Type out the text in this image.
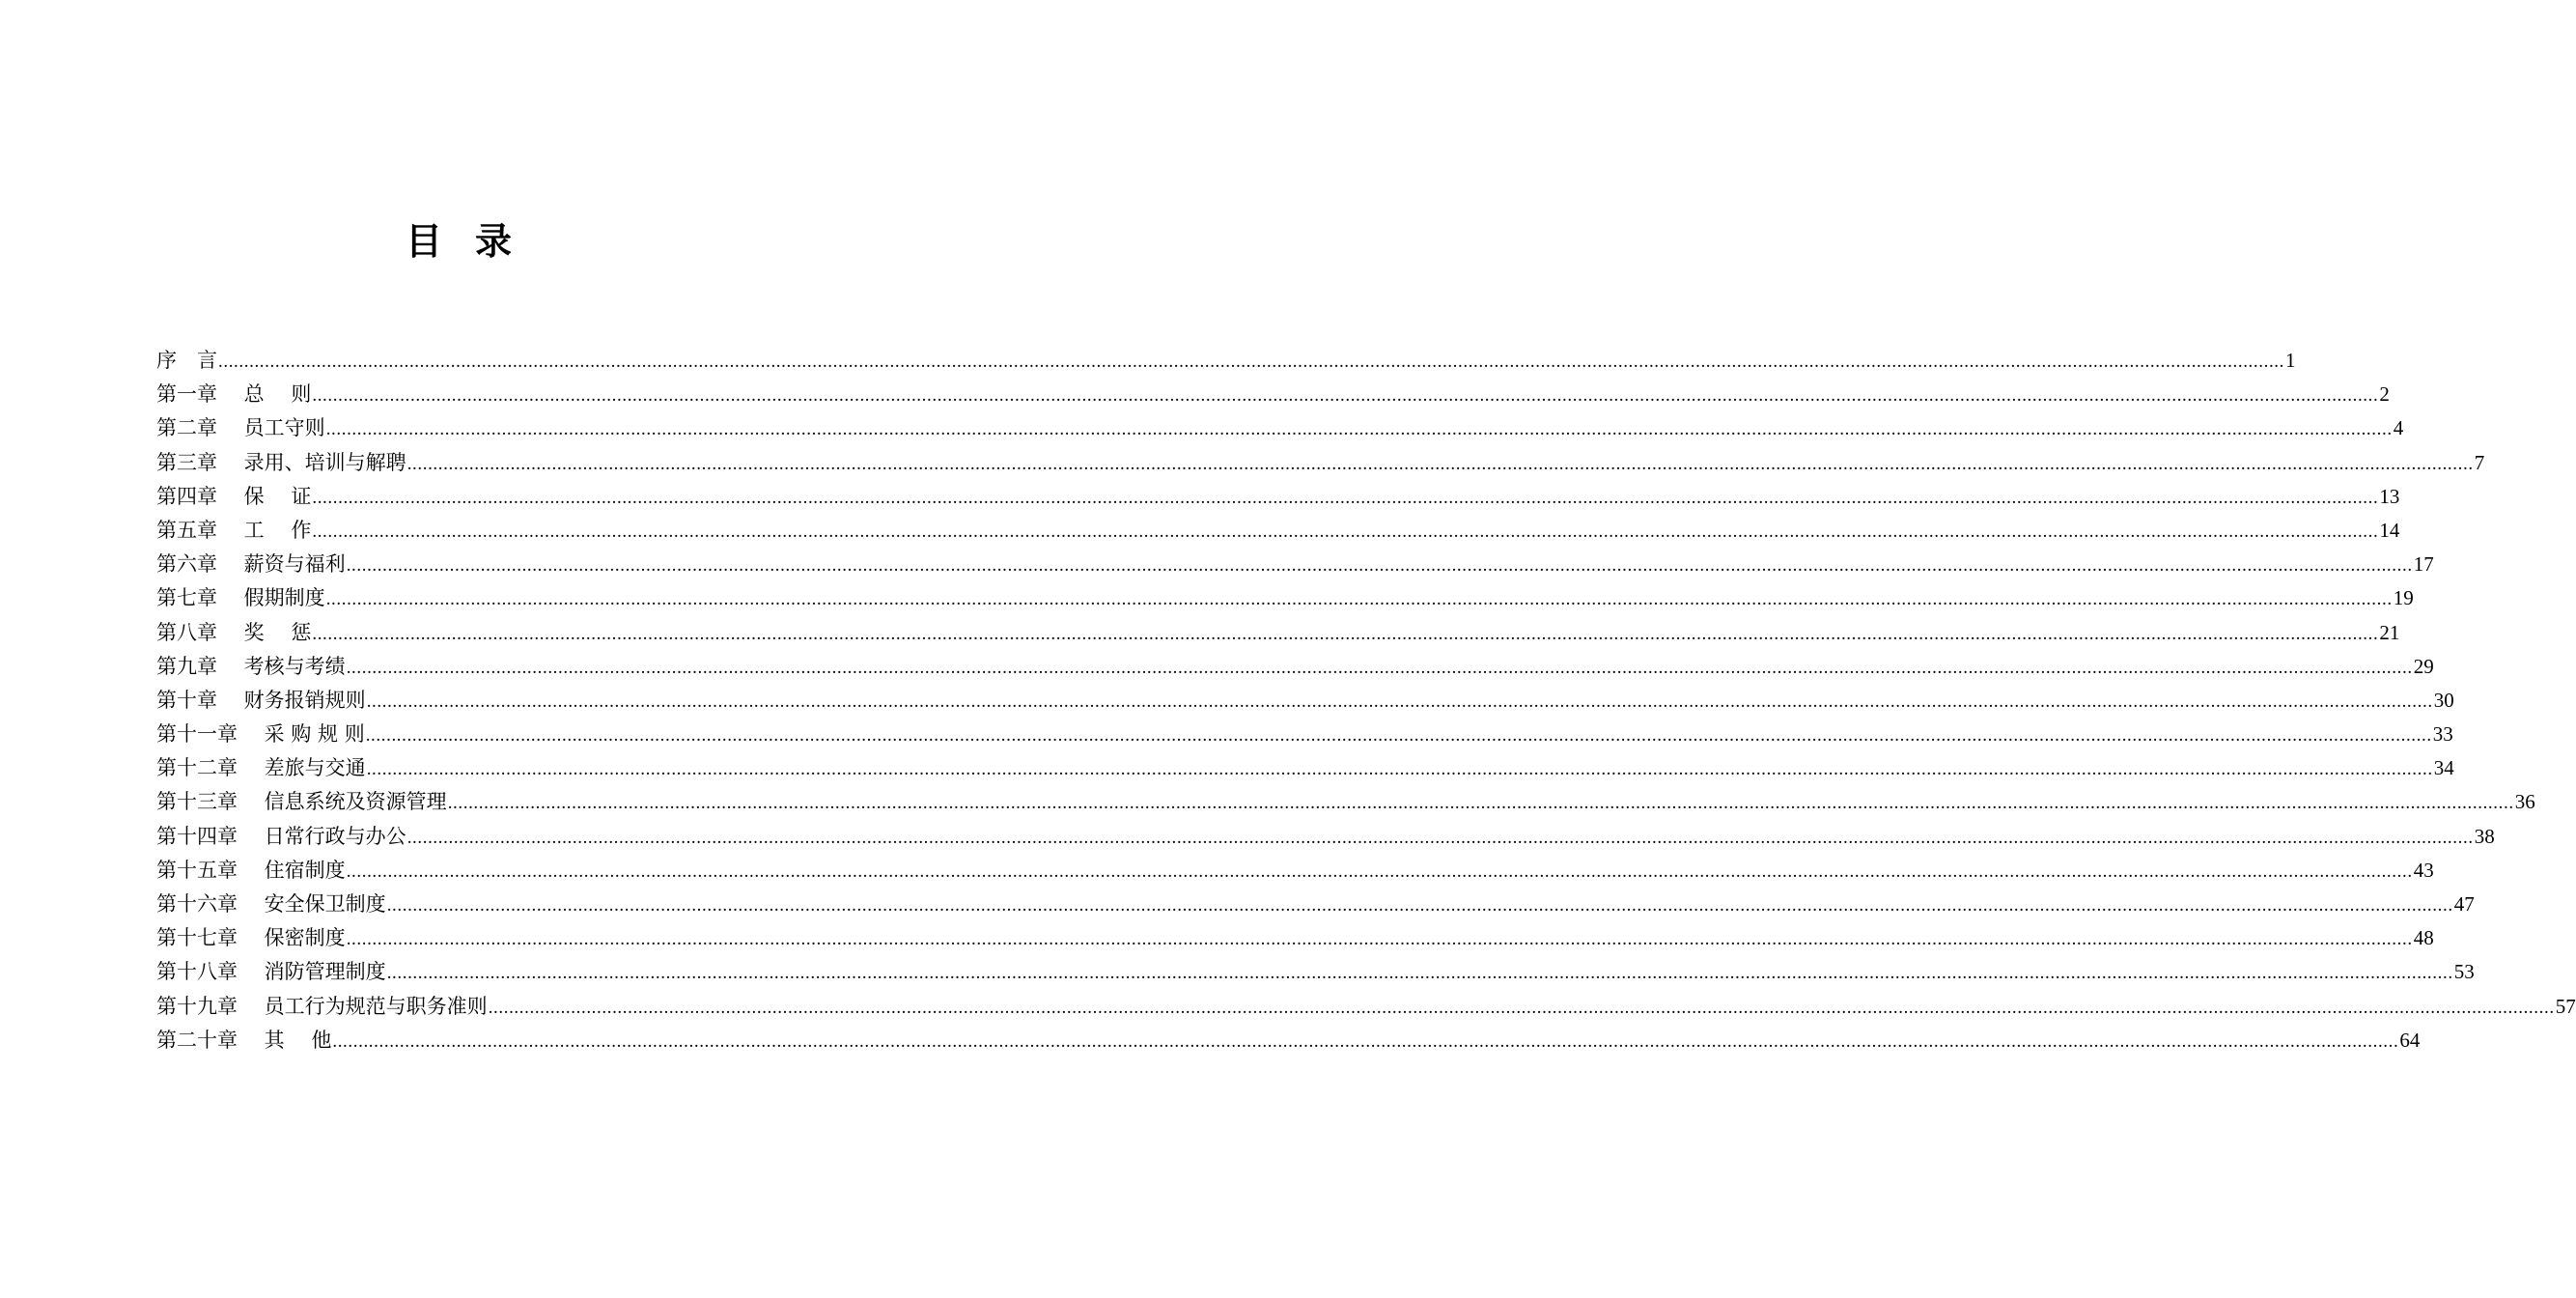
目录
序　言 ................................................................................................................................................................................................................................................................................................................................................................................................................ 1
第一章　 总　 则 ................................................................................................................................................................................................................................................................................................................................................................................................................ 2
第二章　 员工守则 ................................................................................................................................................................................................................................................................................................................................................................................................................ 4
第三章　 录用、培训与解聘 ................................................................................................................................................................................................................................................................................................................................................................................................................ 7
第四章　 保　 证 ................................................................................................................................................................................................................................................................................................................................................................................................................ 13
第五章　 工　 作 ................................................................................................................................................................................................................................................................................................................................................................................................................ 14
第六章　 薪资与福利 ................................................................................................................................................................................................................................................................................................................................................................................................................ 17
第七章　 假期制度 ................................................................................................................................................................................................................................................................................................................................................................................................................ 19
第八章　 奖　 惩 ................................................................................................................................................................................................................................................................................................................................................................................................................ 21
第九章　 考核与考绩 ................................................................................................................................................................................................................................................................................................................................................................................................................ 29
第十章　 财务报销规则 ................................................................................................................................................................................................................................................................................................................................................................................................................ 30
第十一章　 采 购 规 则 ................................................................................................................................................................................................................................................................................................................................................................................................................ 33
第十二章　 差旅与交通 ................................................................................................................................................................................................................................................................................................................................................................................................................ 34
第十三章　 信息系统及资源管理 ................................................................................................................................................................................................................................................................................................................................................................................................................ 36
第十四章　 日常行政与办公 ................................................................................................................................................................................................................................................................................................................................................................................................................ 38
第十五章　 住宿制度 ................................................................................................................................................................................................................................................................................................................................................................................................................ 43
第十六章　 安全保卫制度 ................................................................................................................................................................................................................................................................................................................................................................................................................ 47
第十七章　 保密制度 ................................................................................................................................................................................................................................................................................................................................................................................................................ 48
第十八章　 消防管理制度 ................................................................................................................................................................................................................................................................................................................................................................................................................ 53
第十九章　 员工行为规范与职务准则 ................................................................................................................................................................................................................................................................................................................................................................................................................ 57
第二十章　 其　 他 ................................................................................................................................................................................................................................................................................................................................................................................................................ 64
